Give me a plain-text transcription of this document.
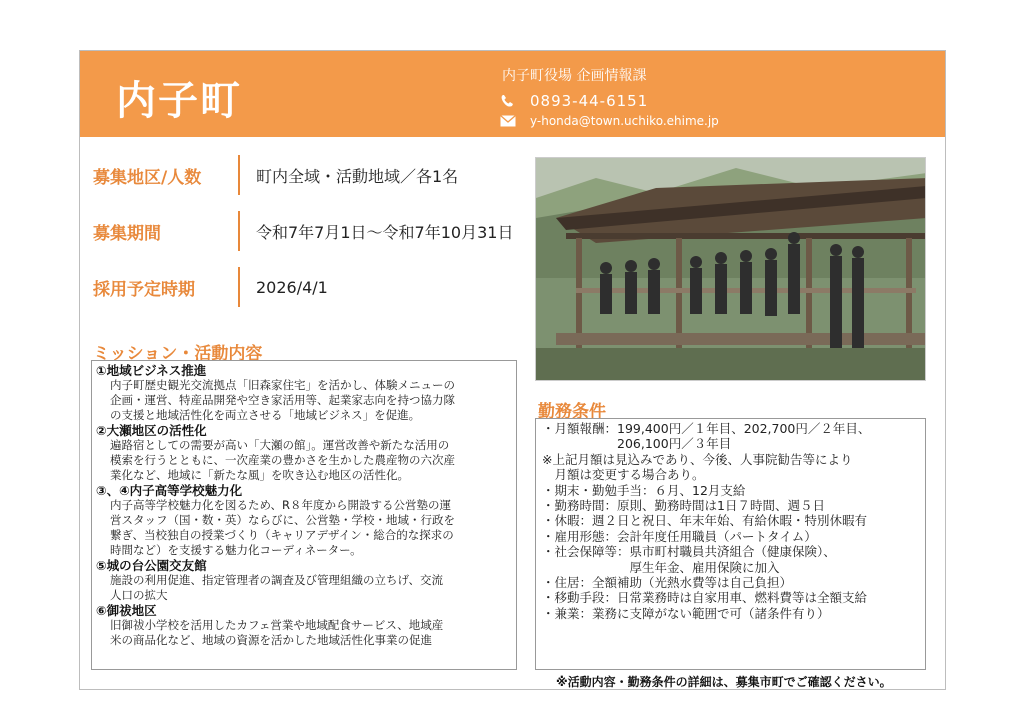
内子町
内子町役場 企画情報課
0893-44-6151
y-honda@town.uchiko.ehime.jp
募集地区/人数	町内全域・活動地域／各1名
募集期間	令和7年7月1日～令和7年10月31日
採用予定時期	2026/4/1
ミッション・活動内容
①地域ビジネス推進
内子町歴史観光交流拠点「旧森家住宅」を活かし、体験メニューの
企画・運営、特産品開発や空き家活用等、起業家志向を持つ協力隊
の支援と地域活性化を両立させる「地域ビジネス」を促進。
②大瀬地区の活性化
遍路宿としての需要が高い「大瀬の館」。運営改善や新たな活用の
模索を行うとともに、一次産業の豊かさを生かした農産物の六次産
業化など、地域に「新たな風」を吹き込む地区の活性化。
③、④内子高等学校魅力化
内子高等学校魅力化を図るため、R８年度から開設する公営塾の運
営スタッフ（国・数・英）ならびに、公営塾・学校・地域・行政を
繋ぎ、当校独自の授業づくり（キャリアデザイン・総合的な探求の
時間など）を支援する魅力化コーディネーター。
⑤城の台公園交友館
施設の利用促進、指定管理者の調査及び管理組織の立ちげ、交流
人口の拡大
⑥御祓地区
旧御祓小学校を活用したカフェ営業や地域配食サービス、地域産
米の商品化など、地域の資源を活かした地域活性化事業の促進
勤務条件
・月額報酬：199,400円／１年目、202,700円／２年目、
　　　　　　206,100円／３年目
※上記月額は見込みであり、今後、人事院勧告等により
　月額は変更する場合あり。
・期末・勤勉手当：６月、12月支給
・勤務時間：原則、勤務時間は1日７時間、週５日
・休暇：週２日と祝日、年末年始、有給休暇・特別休暇有
・雇用形態：会計年度任用職員（パートタイム）
・社会保障等：県市町村職員共済組合（健康保険）、
　　　　　　　厚生年金、雇用保険に加入
・住居：全額補助（光熱水費等は自己負担）
・移動手段：日常業務時は自家用車、燃料費等は全額支給
・兼業：業務に支障がない範囲で可（諸条件有り）
※活動内容・勤務条件の詳細は、募集市町でご確認ください。
